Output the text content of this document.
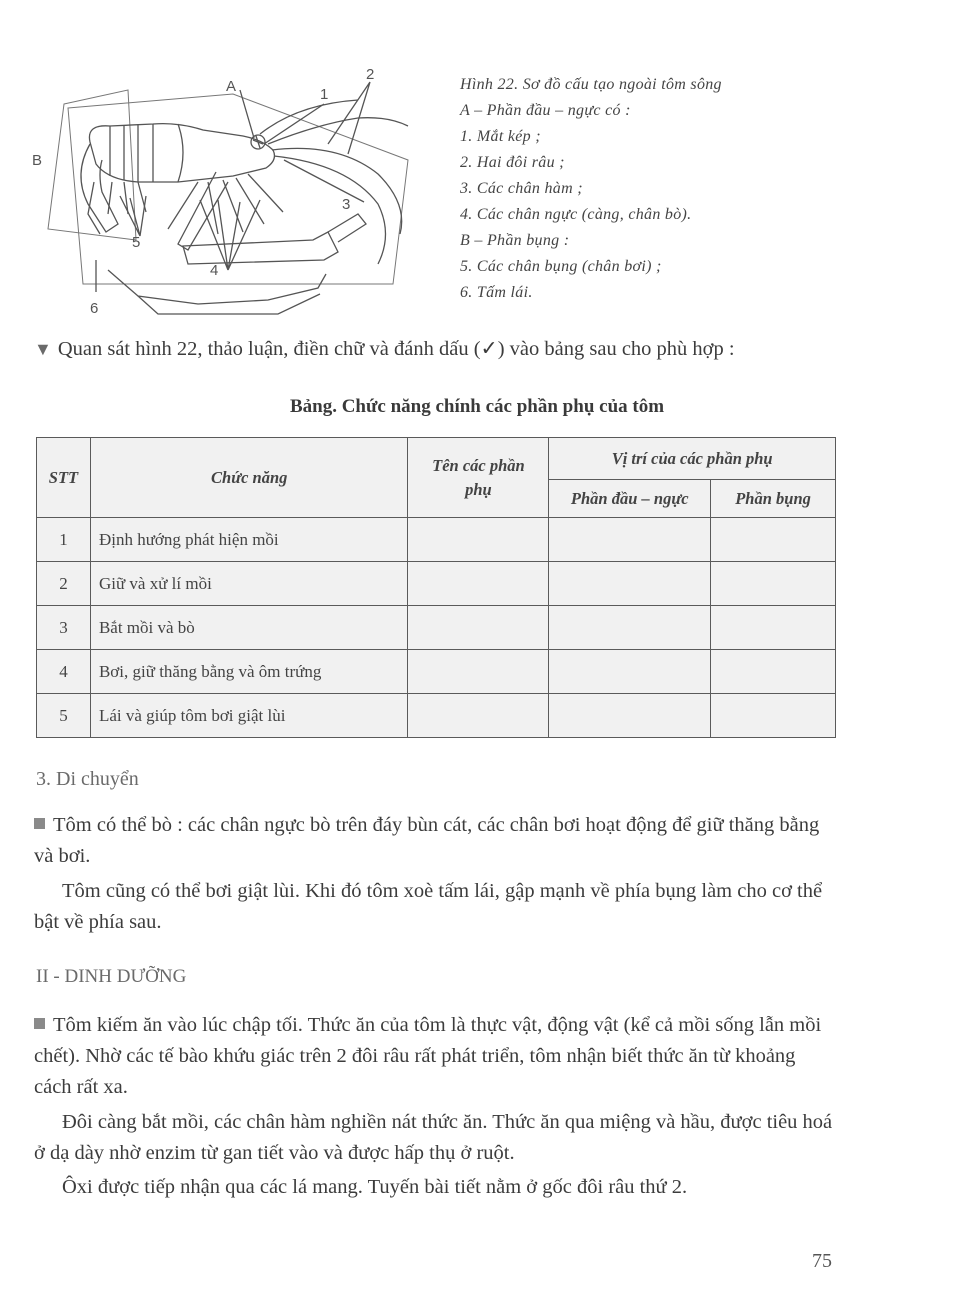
A
B
1
2
3
4
5
6
Hình 22. Sơ đồ cấu tạo ngoài tôm sông
A – Phần đầu – ngực có :
1. Mắt kép ;
2. Hai đôi râu ;
3. Các chân hàm ;
4. Các chân ngực (càng, chân bò).
B – Phần bụng :
5. Các chân bụng (chân bơi) ;
6. Tấm lái.
▼ Quan sát hình 22, thảo luận, điền chữ và đánh dấu (✓) vào bảng sau cho phù hợp :
Bảng. Chức năng chính các phần phụ của tôm
STT	Chức năng	Tên các phần phụ	Vị trí của các phần phụ	
			Phần đầu – ngực	Phần bụng
1	Định hướng phát hiện mồi			
2	Giữ và xử lí mồi			
3	Bắt mồi và bò			
4	Bơi, giữ thăng bằng và ôm trứng			
5	Lái và giúp tôm bơi giật lùi			
3. Di chuyển
Tôm có thể bò : các chân ngực bò trên đáy bùn cát, các chân bơi hoạt động để giữ thăng bằng và bơi.
Tôm cũng có thể bơi giật lùi. Khi đó tôm xoè tấm lái, gập mạnh về phía bụng làm cho cơ thể bật về phía sau.
II - DINH DƯỠNG
Tôm kiếm ăn vào lúc chập tối. Thức ăn của tôm là thực vật, động vật (kể cả mồi sống lẫn mồi chết). Nhờ các tế bào khứu giác trên 2 đôi râu rất phát triển, tôm nhận biết thức ăn từ khoảng cách rất xa.
Đôi càng bắt mồi, các chân hàm nghiền nát thức ăn. Thức ăn qua miệng và hầu, được tiêu hoá ở dạ dày nhờ enzim từ gan tiết vào và được hấp thụ ở ruột.
Ôxi được tiếp nhận qua các lá mang. Tuyến bài tiết nằm ở gốc đôi râu thứ 2.
75
